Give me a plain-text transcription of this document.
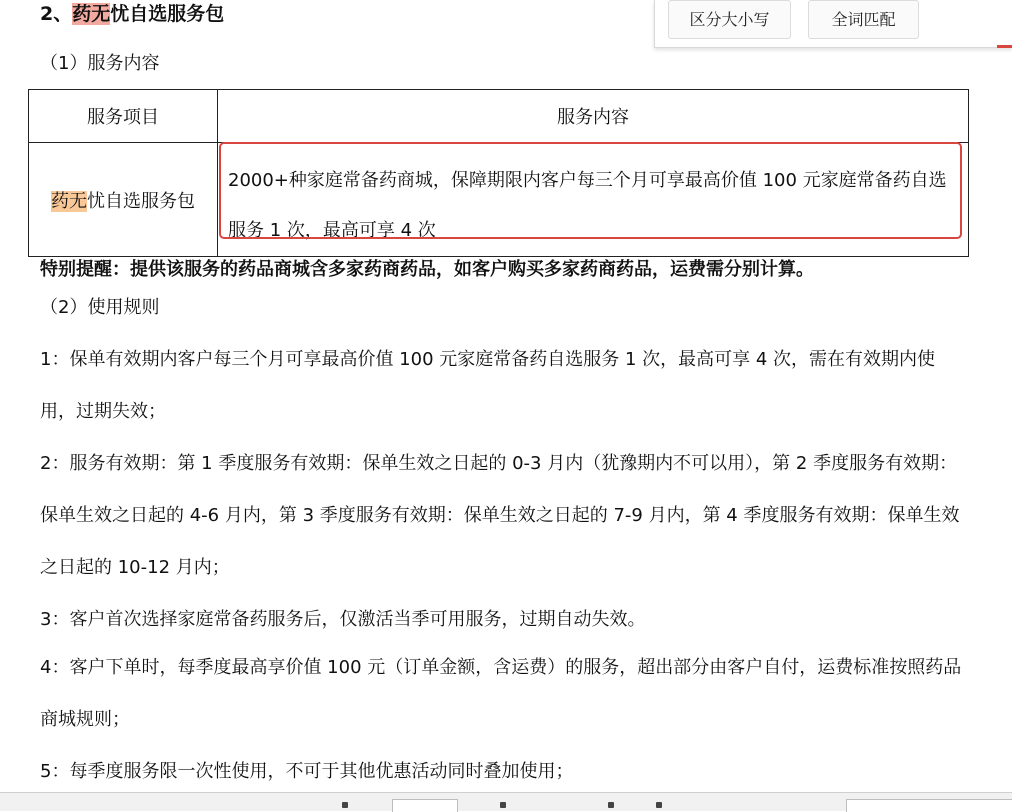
2、药无忧自选服务包
（1）服务内容
服务项目	服务内容
药无忧自选服务包	2000+种家庭常备药商城，保障期限内客户每三个月可享最高价值 100 元家庭常备药自选服务 1 次，最高可享 4 次
特别提醒：提供该服务的药品商城含多家药商药品，如客户购买多家药商药品，运费需分别计算。
（2）使用规则
1：保单有效期内客户每三个月可享最高价值 100 元家庭常备药自选服务 1 次，最高可享 4 次，需在有效期内使用，过期失效；
2：服务有效期：第 1 季度服务有效期：保单生效之日起的 0-3 月内（犹豫期内不可以用），第 2 季度服务有效期：保单生效之日起的 4-6 月内，第 3 季度服务有效期：保单生效之日起的 7-9 月内，第 4 季度服务有效期：保单生效之日起的 10-12 月内；
3：客户首次选择家庭常备药服务后，仅激活当季可用服务，过期自动失效。
4：客户下单时，每季度最高享价值 100 元（订单金额，含运费）的服务，超出部分由客户自付，运费标准按照药品商城规则；
5：每季度服务限一次性使用，不可于其他优惠活动同时叠加使用；
区分大小写	全词匹配
